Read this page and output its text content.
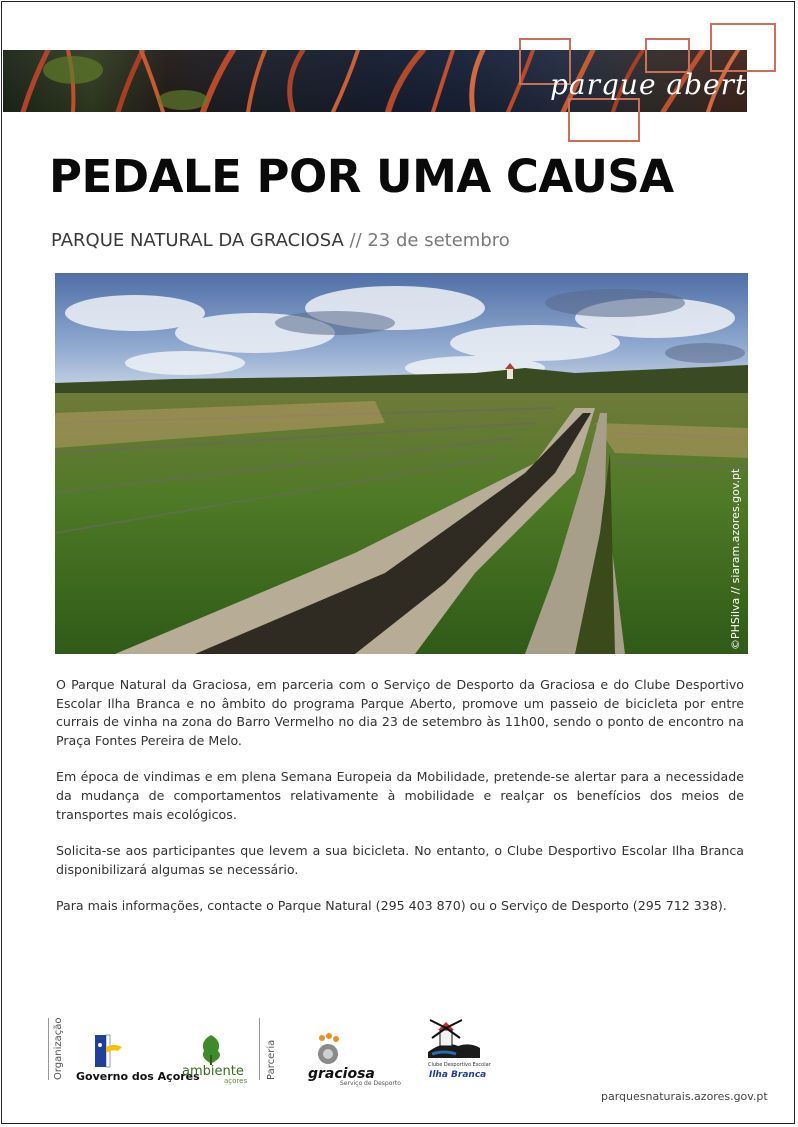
parque aberto
PEDALE POR UMA CAUSA
PARQUE NATURAL DA GRACIOSA // 23 de setembro
©PHSilva // siaram.azores.gov.pt

O Parque Natural da Graciosa, em parceria com o Serviço de Desporto da Graciosa e do Clube Desportivo Escolar Ilha Branca e no âmbito do programa Parque Aberto, promove um passeio de bicicleta por entre currais de vinha na zona do Barro Vermelho no dia 23 de setembro às 11h00, sendo o ponto de encontro na Praça Fontes Pereira de Melo.

Em época de vindimas e em plena Semana Europeia da Mobilidade, pretende-se alertar para a necessidade da mudança de comportamentos relativamente à mobilidade e realçar os benefícios dos meios de transportes mais ecológicos.

Solicita-se aos participantes que levem a sua bicicleta. No entanto, o Clube Desportivo Escolar Ilha Branca disponibilizará algumas se necessário.

Para mais informações, contacte o Parque Natural (295 403 870) ou o Serviço de Desporto (295 712 338).

Organização Governo dos Açores
ambiente
açores
Parceria graciosa
Serviço de Desporto
Clube Desportivo Escolar
Ilha Branca
parquesnaturais.azores.gov.pt
